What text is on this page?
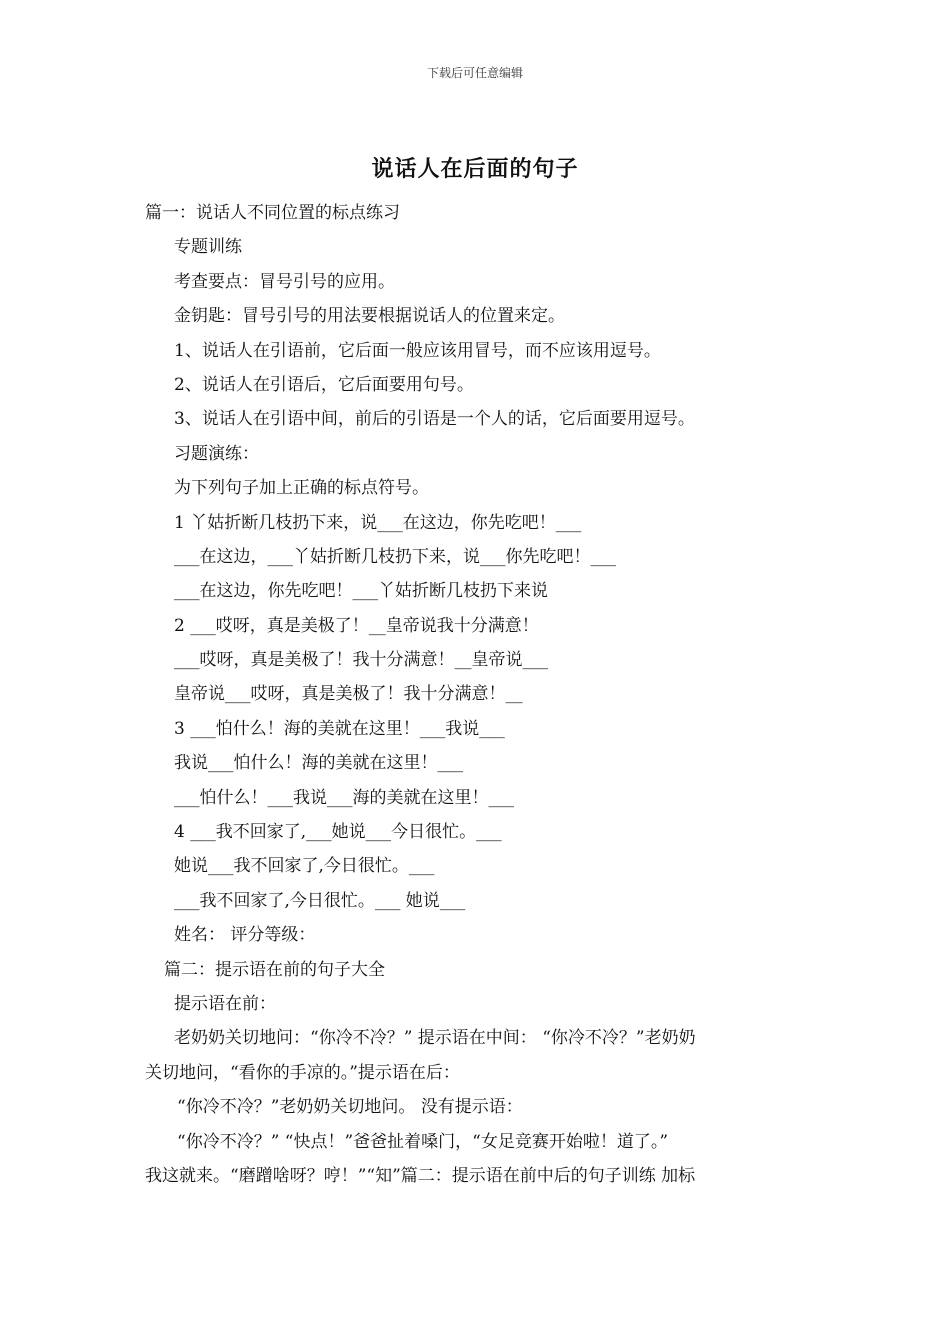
下载后可任意编辑
说话人在后面的句子
篇一：说话人不同位置的标点练习
专题训练
考查要点：冒号引号的应用。
金钥匙：冒号引号的用法要根据说话人的位置来定。
1、说话人在引语前，它后面一般应该用冒号，而不应该用逗号。
2、说话人在引语后，它后面要用句号。
3、说话人在引语中间，前后的引语是一个人的话，它后面要用逗号。
习题演练：
为下列句子加上正确的标点符号。
1 丫姑折断几枝扔下来，说___在这边，你先吃吧！___
___在这边，___丫姑折断几枝扔下来，说___你先吃吧！___
___在这边，你先吃吧！___丫姑折断几枝扔下来说
2 ___哎呀，真是美极了！__皇帝说我十分满意！
___哎呀，真是美极了！我十分满意！__皇帝说___
皇帝说___哎呀，真是美极了！我十分满意！__
3 ___怕什么！海的美就在这里！___我说___
我说___怕什么！海的美就在这里！___
___怕什么！___我说___海的美就在这里！___
4 ___我不回家了,___她说___今日很忙。___
她说___我不回家了,今日很忙。___
___我不回家了,今日很忙。___ 她说___
姓名： 评分等级：
篇二：提示语在前的句子大全
提示语在前：
老奶奶关切地问：“你冷不冷？” 提示语在中间： “你冷不冷？”老奶奶
关切地问，“看你的手凉的。”提示语在后：
“你冷不冷？”老奶奶关切地问。 没有提示语：
“你冷不冷？” “快点！”爸爸扯着嗓门，“女足竞赛开始啦！道了。”
我这就来。“磨蹭啥呀？哼！”“知”篇二：提示语在前中后的句子训练 加标
